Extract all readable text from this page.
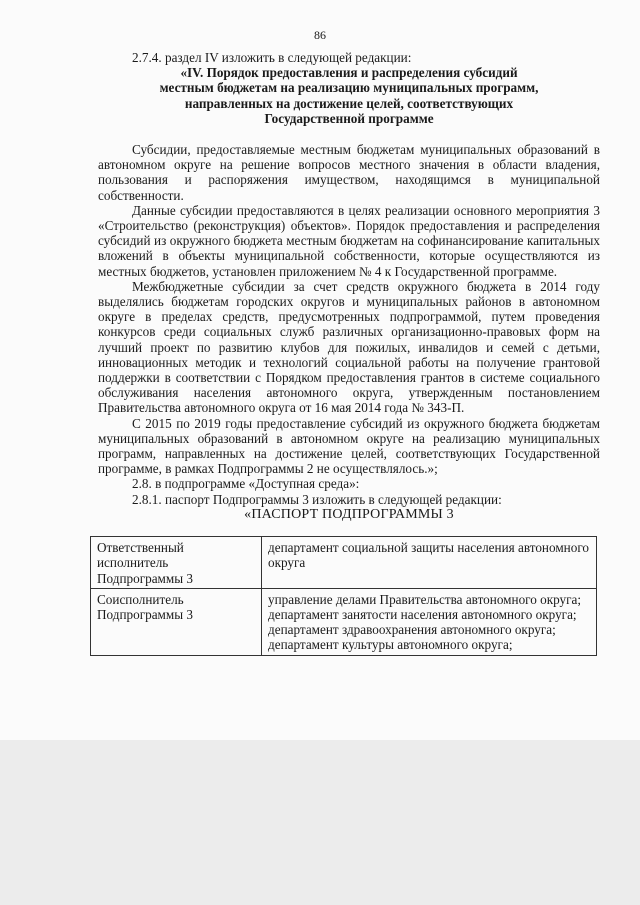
86

2.7.4. раздел IV изложить в следующей редакции:

«IV. Порядок предоставления и распределения субсидий

местным бюджетам на реализацию муниципальных программ,

направленных на достижение целей, соответствующих

Государственной программе

Субсидии, предоставляемые местным бюджетам муниципальных образований в автономном округе на решение вопросов местного значения в области владения, пользования и распоряжения имуществом, находящимся в муниципальной собственности.

Данные субсидии предоставляются в целях реализации основного мероприятия 3 «Строительство (реконструкция) объектов». Порядок предоставления и распределения субсидий из окружного бюджета местным бюджетам на софинансирование капитальных вложений в объекты муниципальной собственности, которые осуществляются из местных бюджетов, установлен приложением № 4 к Государственной программе.

Межбюджетные субсидии за счет средств окружного бюджета в 2014 году выделялись бюджетам городских округов и муниципальных районов в автономном округе в пределах средств, предусмотренных подпрограммой, путем проведения конкурсов среди социальных служб различных организационно-правовых форм на лучший проект по развитию клубов для пожилых, инвалидов и семей с детьми, инновационных методик и технологий социальной работы на получение грантовой поддержки в соответствии с Порядком предоставления грантов в системе социального обслуживания населения автономного округа, утвержденным постановлением Правительства автономного округа от 16 мая 2014 года № 343-П.

С 2015 по 2019 годы предоставление субсидий из окружного бюджета бюджетам муниципальных образований в автономном округе на реализацию муниципальных программ, направленных на достижение целей, соответствующих Государственной программе, в рамках Подпрограммы 2 не осуществлялось.»;

2.8. в подпрограмме «Доступная среда»:

2.8.1. паспорт Подпрограммы 3 изложить в следующей редакции:

«ПАСПОРТ ПОДПРОГРАММЫ 3

Ответственный исполнитель Подпрограммы 3	департамент социальной защиты населения автономного округа
Соисполнитель Подпрограммы 3	управление делами Правительства автономного округа;
департамент занятости населения автономного округа;
департамент здравоохранения автономного округа;
департамент культуры автономного округа;
